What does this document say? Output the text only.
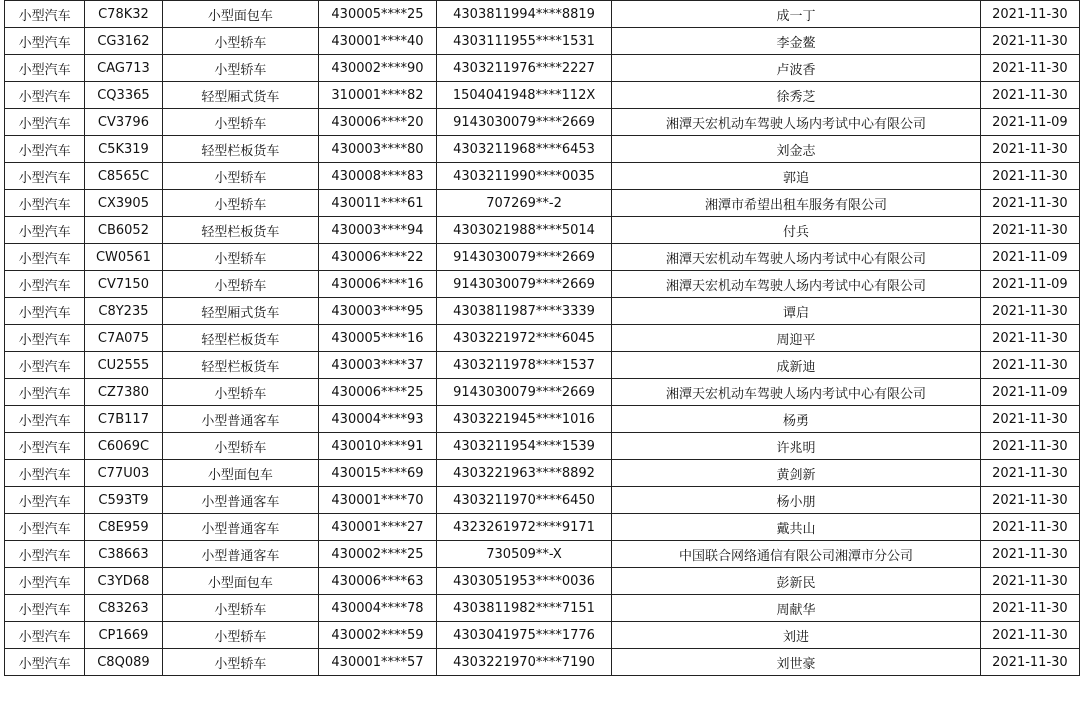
小型汽车	C78K32	小型面包车	430005****25	4303811994****8819	成一丁	2021-11-30
小型汽车	CG3162	小型轿车	430001****40	4303111955****1531	李金鳌	2021-11-30
小型汽车	CAG713	小型轿车	430002****90	4303211976****2227	卢波香	2021-11-30
小型汽车	CQ3365	轻型厢式货车	310001****82	1504041948****112X	徐秀芝	2021-11-30
小型汽车	CV3796	小型轿车	430006****20	9143030079****2669	湘潭天宏机动车驾驶人场内考试中心有限公司	2021-11-09
小型汽车	C5K319	轻型栏板货车	430003****80	4303211968****6453	刘金志	2021-11-30
小型汽车	C8565C	小型轿车	430008****83	4303211990****0035	郭追	2021-11-30
小型汽车	CX3905	小型轿车	430011****61	707269**-2	湘潭市希望出租车服务有限公司	2021-11-30
小型汽车	CB6052	轻型栏板货车	430003****94	4303021988****5014	付兵	2021-11-30
小型汽车	CW0561	小型轿车	430006****22	9143030079****2669	湘潭天宏机动车驾驶人场内考试中心有限公司	2021-11-09
小型汽车	CV7150	小型轿车	430006****16	9143030079****2669	湘潭天宏机动车驾驶人场内考试中心有限公司	2021-11-09
小型汽车	C8Y235	轻型厢式货车	430003****95	4303811987****3339	谭启	2021-11-30
小型汽车	C7A075	轻型栏板货车	430005****16	4303221972****6045	周迎平	2021-11-30
小型汽车	CU2555	轻型栏板货车	430003****37	4303211978****1537	成新迪	2021-11-30
小型汽车	CZ7380	小型轿车	430006****25	9143030079****2669	湘潭天宏机动车驾驶人场内考试中心有限公司	2021-11-09
小型汽车	C7B117	小型普通客车	430004****93	4303221945****1016	杨勇	2021-11-30
小型汽车	C6069C	小型轿车	430010****91	4303211954****1539	许兆明	2021-11-30
小型汽车	C77U03	小型面包车	430015****69	4303221963****8892	黄剑新	2021-11-30
小型汽车	C593T9	小型普通客车	430001****70	4303211970****6450	杨小朋	2021-11-30
小型汽车	C8E959	小型普通客车	430001****27	4323261972****9171	戴共山	2021-11-30
小型汽车	C38663	小型普通客车	430002****25	730509**-X	中国联合网络通信有限公司湘潭市分公司	2021-11-30
小型汽车	C3YD68	小型面包车	430006****63	4303051953****0036	彭新民	2021-11-30
小型汽车	C83263	小型轿车	430004****78	4303811982****7151	周献华	2021-11-30
小型汽车	CP1669	小型轿车	430002****59	4303041975****1776	刘进	2021-11-30
小型汽车	C8Q089	小型轿车	430001****57	4303221970****7190	刘世豪	2021-11-30
